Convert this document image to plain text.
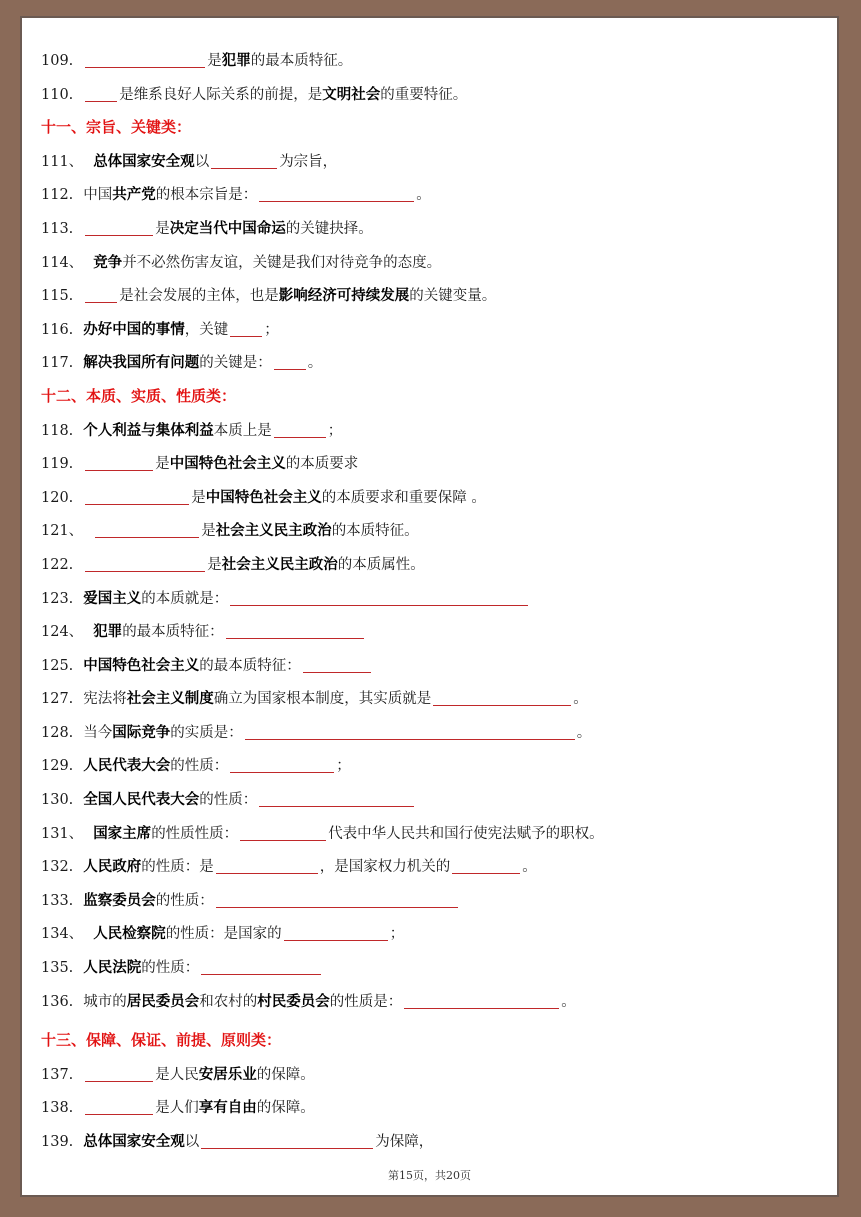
109.	是犯罪的最本质特征。
110.	是维系良好人际关系的前提，是文明社会的重要特征。
十一、宗旨、关键类：
111、 总体国家安全观以	为宗旨，
112. 中国共产党的根本宗旨是：	。
113.	是决定当代中国命运的关键抉择。
114、 竞争并不必然伤害友谊，关键是我们对待竞争的态度。
115.	是社会发展的主体，也是影响经济可持续发展的关键变量。
116. 办好中国的事情，关键 ；
117. 解决我国所有问题的关键是： 。
十二、本质、实质、性质类：
118. 个人利益与集体利益本质上是	；
119.	是中国特色社会主义的本质要求
120.	是中国特色社会主义的本质要求和重要保障 。
121、	是社会主义民主政治的本质特征。
122.	是社会主义民主政治的本质属性。
123. 爱国主义的本质就是：
124、 犯罪的最本质特征：
125. 中国特色社会主义的最本质特征：
127. 宪法将社会主义制度确立为国家根本制度，其实质就是	。
128. 当今国际竞争的实质是：	。
129. 人民代表大会的性质：	；
130. 全国人民代表大会的性质：
131、 国家主席的性质性质：	代表中华人民共和国行使宪法赋予的职权。
132. 人民政府的性质：是	，是国家权力机关的	。
133. 监察委员会的性质：
134、 人民检察院的性质：是国家的	；
135. 人民法院的性质：
136. 城市的居民委员会和农村的村民委员会的性质是：	。
十三、保障、保证、前提、原则类：
137.	是人民安居乐业的保障。
138.	是人们享有自由的保障。
139. 总体国家安全观以	为保障，
第15页，共20页
